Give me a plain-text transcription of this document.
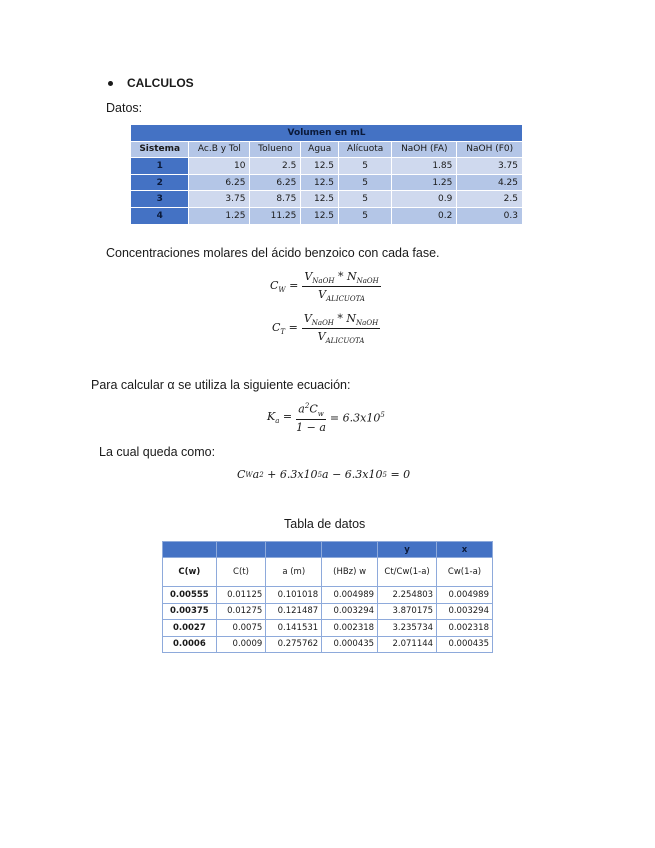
CALCULOS
Datos:
Volumen en mL						
Sistema	Ac.B y Tol	Tolueno	Agua	Alícuota	NaOH (FA)	NaOH (F0)
1	10	2.5	12.5	5	1.85	3.75
2	6.25	6.25	12.5	5	1.25	4.25
3	3.75	8.75	12.5	5	0.9	2.5
4	1.25	11.25	12.5	5	0.2	0.3
Concentraciones molares del ácido benzoico con cada fase.
$C_W = \frac{V_{NaOH} * N_{NaOH}}{V_{ALICUOTA}}$
$C_T = \frac{V_{NaOH} * N_{NaOH}}{V_{ALICUOTA}}$
Para calcular α se utiliza la siguiente ecuación:
$K_a = \frac{a^2C_w}{1 - a} = 6.3x10^5$
La cual queda como:
C W a 2 + 6.3x10 5 a − 6.3x10 5 = 0
Tabla de datos
				y	x
C(w)	C(t)	a (m)	(HBz) w	Ct/Cw(1-a)	Cw(1-a)
0.00555	0.01125	0.101018	0.004989	2.254803	0.004989
0.00375	0.01275	0.121487	0.003294	3.870175	0.003294
0.0027	0.0075	0.141531	0.002318	3.235734	0.002318
0.0006	0.0009	0.275762	0.000435	2.071144	0.000435
